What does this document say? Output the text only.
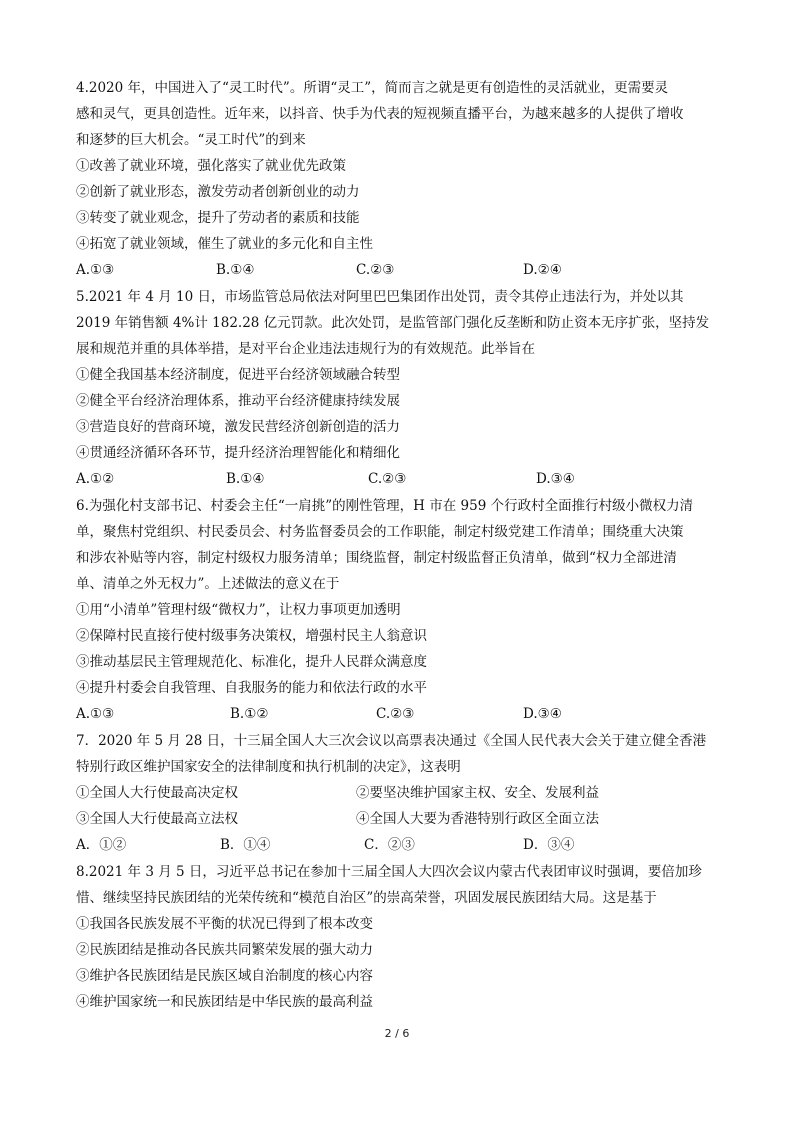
4.2020 年，中国进入了“灵工时代”。所谓“灵工”，简而言之就是更有创造性的灵活就业，更需要灵
感和灵气，更具创造性。近年来，以抖音、快手为代表的短视频直播平台，为越来越多的人提供了增收
和逐梦的巨大机会。“灵工时代”的到来
①改善了就业环境，强化落实了就业优先政策
②创新了就业形态，激发劳动者创新创业的动力
③转变了就业观念，提升了劳动者的素质和技能
④拓宽了就业领域，催生了就业的多元化和自主性
A.①③	B.①④	C.②③	D.②④
5.2021 年 4 月 10 日，市场监管总局依法对阿里巴巴集团作出处罚，责令其停止违法行为，并处以其
2019 年销售额 4%计 182.28 亿元罚款。此次处罚，是监管部门强化反垄断和防止资本无序扩张，坚持发
展和规范并重的具体举措，是对平台企业违法违规行为的有效规范。此举旨在
①健全我国基本经济制度，促进平台经济领域融合转型
②健全平台经济治理体系，推动平台经济健康持续发展
③营造良好的营商环境，激发民营经济创新创造的活力
④贯通经济循环各环节，提升经济治理智能化和精细化
A.①②	B.①④	C.②③	D.③④
6.为强化村支部书记、村委会主任“一肩挑”的刚性管理，H 市在 959 个行政村全面推行村级小微权力清
单，聚焦村党组织、村民委员会、村务监督委员会的工作职能，制定村级党建工作清单；围绕重大决策
和涉农补贴等内容，制定村级权力服务清单；围绕监督，制定村级监督正负清单，做到“权力全部进清
单、清单之外无权力”。上述做法的意义在于
①用“小清单”管理村级“微权力”，让权力事项更加透明
②保障村民直接行使村级事务决策权，增强村民主人翁意识
③推动基层民主管理规范化、标准化，提升人民群众满意度
④提升村委会自我管理、自我服务的能力和依法行政的水平
A.①③	B.①②	C.②③	D.③④
7．2020 年 5 月 28 日，十三届全国人大三次会议以高票表决通过《全国人民代表大会关于建立健全香港
特别行政区维护国家安全的法律制度和执行机制的决定》，这表明
①全国人大行使最高决定权	②要坚决维护国家主权、安全、发展利益
③全国人大行使最高立法权	④全国人大要为香港特别行政区全面立法
A．①②	B．①④	C．②③	D．③④
8.2021 年 3 月 5 日，习近平总书记在参加十三届全国人大四次会议内蒙古代表团审议时强调，要倍加珍
惜、继续坚持民族团结的光荣传统和“模范自治区”的崇高荣誉，巩固发展民族团结大局。这是基于
①我国各民族发展不平衡的状况已得到了根本改变
②民族团结是推动各民族共同繁荣发展的强大动力
③维护各民族团结是民族区域自治制度的核心内容
④维护国家统一和民族团结是中华民族的最高利益
2 / 6
